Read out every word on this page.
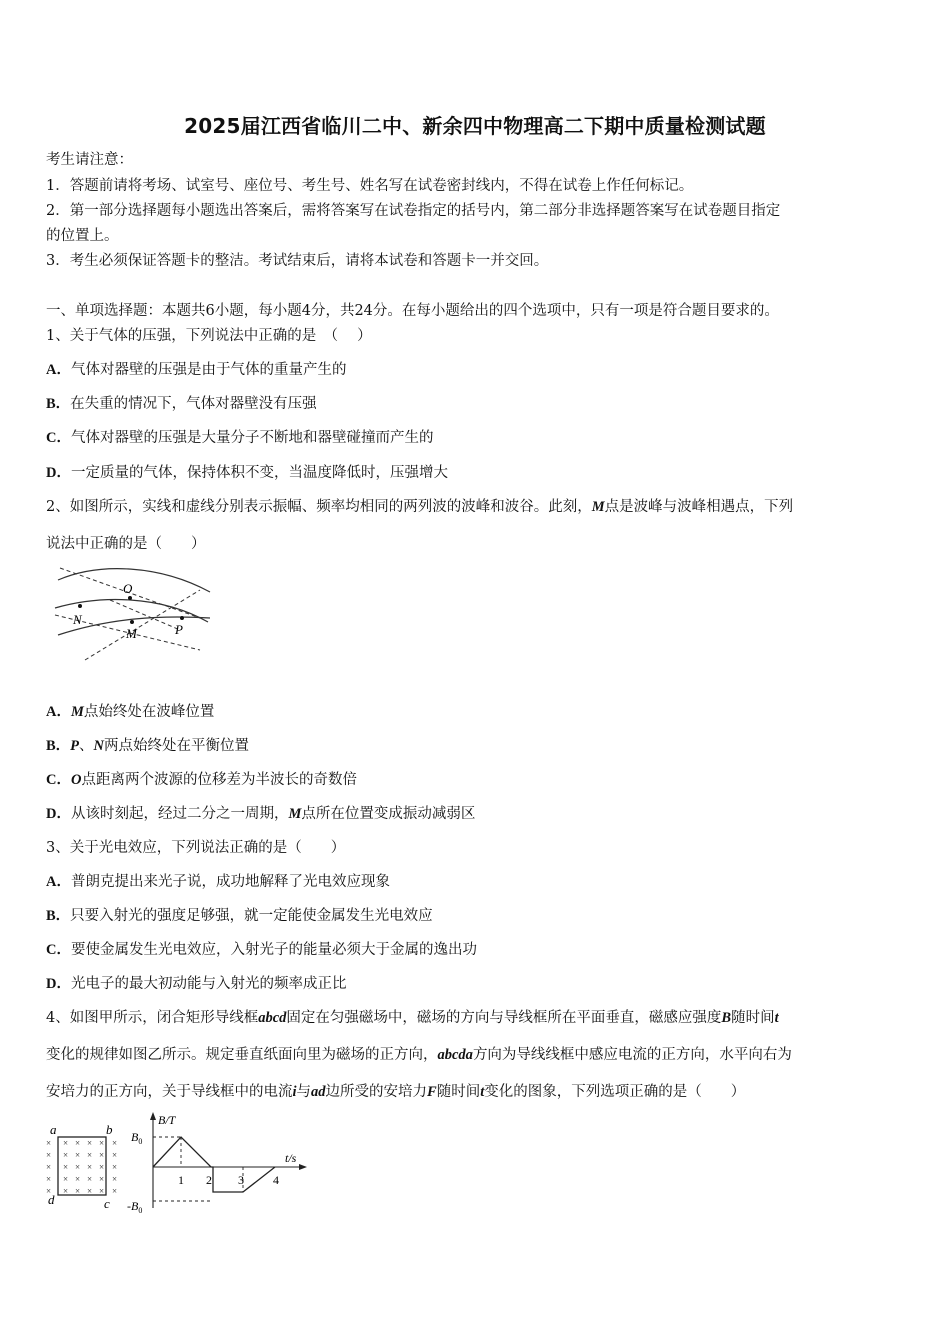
2025届江西省临川二中、新余四中物理高二下期中质量检测试题
考生请注意：
1．答题前请将考场、试室号、座位号、考生号、姓名写在试卷密封线内，不得在试卷上作任何标记。
2．第一部分选择题每小题选出答案后，需将答案写在试卷指定的括号内，第二部分非选择题答案写在试卷题目指定
的位置上。
3．考生必须保证答题卡的整洁。考试结束后，请将本试卷和答题卡一并交回。
一、单项选择题：本题共6小题，每小题4分，共24分。在每小题给出的四个选项中，只有一项是符合题目要求的。
1、关于气体的压强，下列说法中正确的是　（　 ）
A．气体对器壁的压强是由于气体的重量产生的
B．在失重的情况下，气体对器壁没有压强
C．气体对器壁的压强是大量分子不断地和器壁碰撞而产生的
D．一定质量的气体，保持体积不变，当温度降低时，压强增大
2、如图所示，实线和虚线分别表示振幅、频率均相同的两列波的波峰和波谷。此刻，M点是波峰与波峰相遇点，下列
说法中正确的是（　　）
O
N
M	P
A．M点始终处在波峰位置
B．P、N两点始终处在平衡位置
C．O点距离两个波源的位移差为半波长的奇数倍
D．从该时刻起，经过二分之一周期，M点所在位置变成振动减弱区
3、关于光电效应，下列说法正确的是（　　）
A．普朗克提出来光子说，成功地解释了光电效应现象
B．只要入射光的强度足够强，就一定能使金属发生光电效应
C．要使金属发生光电效应，入射光子的能量必须大于金属的逸出功
D．光电子的最大初动能与入射光的频率成正比
4、如图甲所示，闭合矩形导线框abcd固定在匀强磁场中，磁场的方向与导线框所在平面垂直，磁感应强度B随时间t
变化的规律如图乙所示。规定垂直纸面向里为磁场的正方向，abcda方向为导线线框中感应电流的正方向，水平向右为
安培力的正方向，关于导线框中的电流i与ad边所受的安培力F随时间t变化的图象，下列选项正确的是（　　）
× × × × × ×
× × × × × ×
× × × × × ×
× × × × × ×
× × × × × ×
a	b
d	c
B/T
t/s
$B_0$
$-B_0$
1 2 3 4
